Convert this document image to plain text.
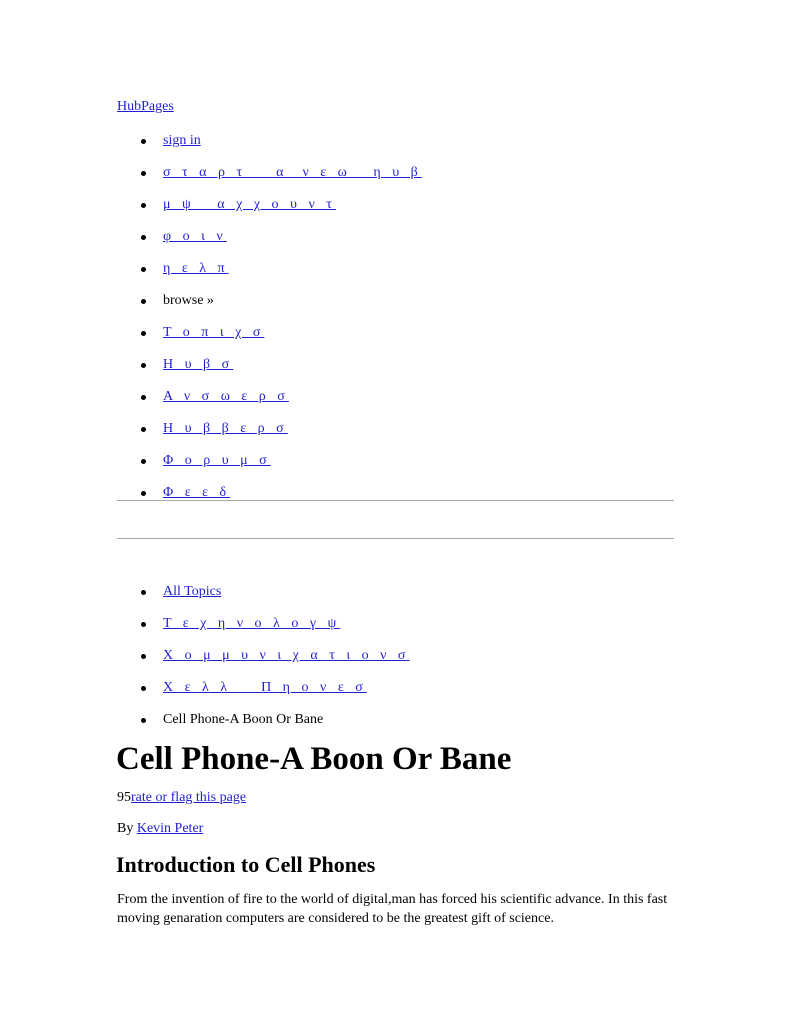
HubPages
sign in
σ τ α ρ τ    α  ν ε ω   η υ β
μ ψ   α χ χ ο υ ν τ
φ ο ι ν
η ε λ π
browse »
Τ ο π ι χ σ
Η υ β σ
Α ν σ ω ε ρ σ
Η υ β β ε ρ σ
Φ ο ρ υ μ σ
Φ ε ε δ
All Topics
Τ ε χ η ν ο λ ο γ ψ
Χ ο μ μ υ ν ι χ α τ ι ο ν σ
Χ ε λ λ    Π η ο ν ε σ
Cell Phone-A Boon Or Bane
Cell Phone-A Boon Or Bane
95rate or flag this page
By Kevin Peter
Introduction to Cell Phones

From the invention of fire to the world of digital,man has forced his scientific advance. In this fast moving genaration computers are considered to be the greatest gift of science.
